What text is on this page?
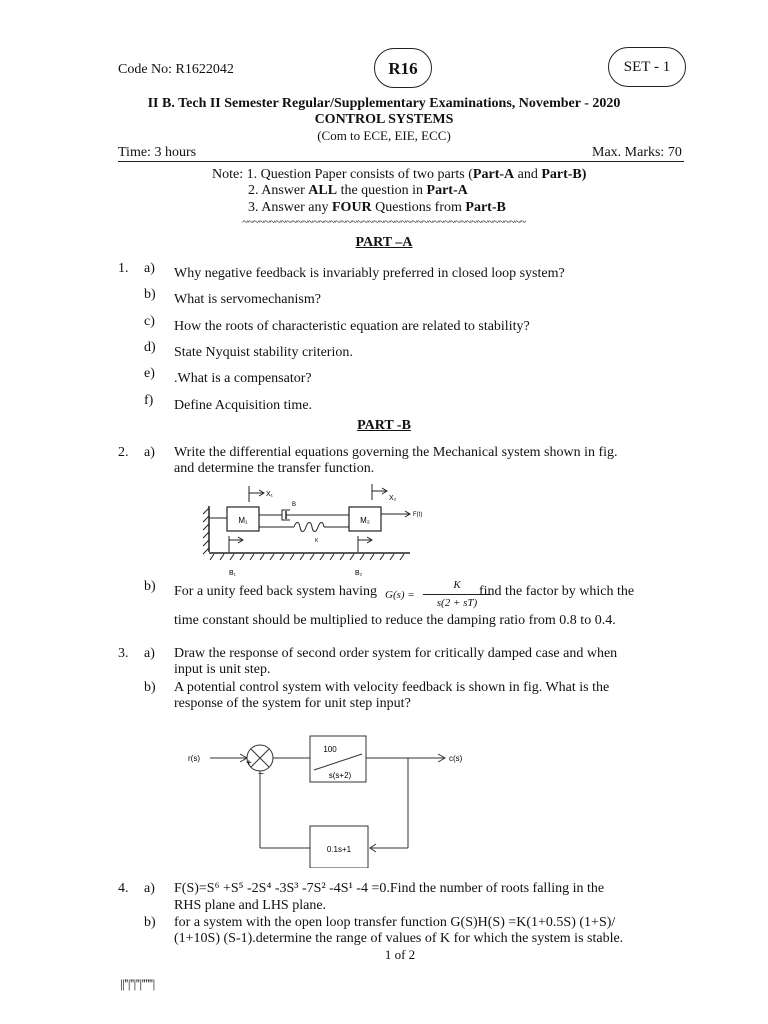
Code No: R1622042	R16	SET - 1
II B. Tech II Semester Regular/Supplementary Examinations, November - 2020
CONTROL SYSTEMS
(Com to ECE, EIE, ECC)
Time: 3 hours	Max. Marks: 70
Note: 1. Question Paper consists of two parts (Part-A and Part-B)
2. Answer ALL the question in Part-A
3. Answer any FOUR Questions from Part-B
~~~~~~~~~~~~~~~~~~~~~~~~~~~~~~~~~~~~~~~~~~~~~~~~~~~~
PART –A
1. a) Why negative feedback is invariably preferred in closed loop system?
b) What is servomechanism?
c) How the roots of characteristic equation are related to stability?
d) State Nyquist stability criterion.
e) .What is a compensator?
f) Define Acquisition time.
PART -B
2. a) Write the differential equations governing the Mechanical system shown in fig.
and determine the transfer function.
M₁	M₂
B
K
F(t)
X₁
X₂
B₁	B₂
b) For a unity feed back system having G(s) =
K
s(2 + sT)
find the factor by which the
time constant should be multiplied to reduce the damping ratio from 0.8 to 0.4.
3. a) Draw the response of second order system for critically damped case and when
input is unit step.
b) A potential control system with velocity feedback is shown in fig. What is the
response of the system for unit step input?
r(s)	+
−
100
s(s+2)
c(s)
0.1s+1
4. a) F(S)=S⁶ +S⁵ -2S⁴ -3S³ -7S² -4S¹ -4 =0.Find the number of roots falling in the
RHS plane and LHS plane.
b) for a system with the open loop transfer function G(S)H(S) =K(1+0.5S) (1+S)/
(1+10S) (S-1).determine the range of values of K for which the system is stable.
1 of 2
||''|''|''|''''''|
